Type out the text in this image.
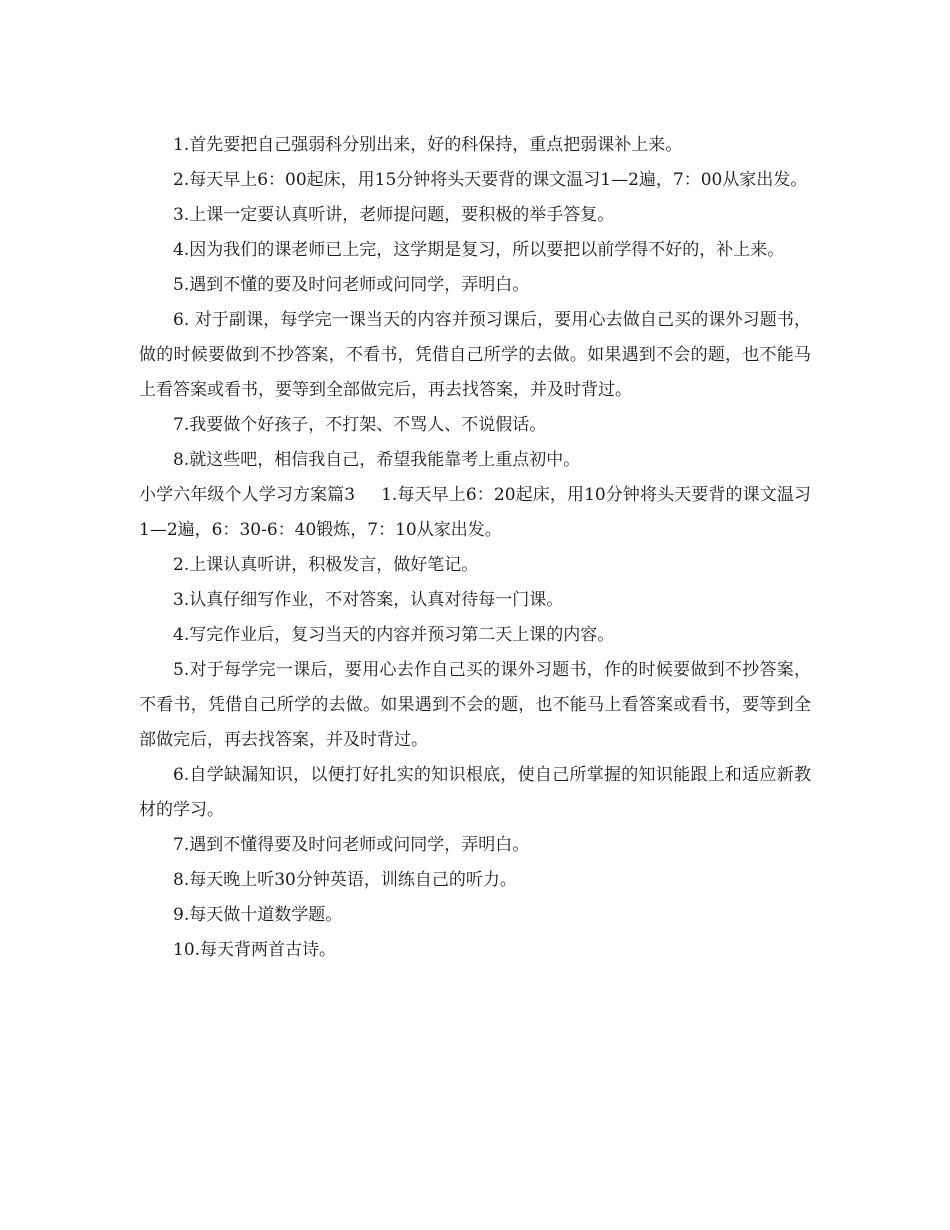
1.首先要把自己强弱科分别出来，好的科保持，重点把弱课补上来。

2.每天早上6：00起床，用15分钟将头天要背的课文温习1—2遍，7：00从家出发。

3.上课一定要认真听讲，老师提问题，要积极的举手答复。

4.因为我们的课老师已上完，这学期是复习，所以要把以前学得不好的，补上来。

5.遇到不懂的要及时问老师或问同学，弄明白。

6. 对于副课，每学完一课当天的内容并预习课后，要用心去做自己买的课外习题书，做的时候要做到不抄答案，不看书，凭借自己所学的去做。如果遇到不会的题，也不能马上看答案或看书，要等到全部做完后，再去找答案，并及时背过。

7.我要做个好孩子，不打架、不骂人、不说假话。

8.就这些吧，相信我自己，希望我能靠考上重点初中。

小学六年级个人学习方案篇3 1.每天早上6：20起床，用10分钟将头天要背的课文温习1—2遍，6：30-6：40锻炼，7：10从家出发。

2.上课认真听讲，积极发言，做好笔记。

3.认真仔细写作业，不对答案，认真对待每一门课。

4.写完作业后，复习当天的内容并预习第二天上课的内容。

5.对于每学完一课后，要用心去作自己买的课外习题书，作的时候要做到不抄答案，不看书，凭借自己所学的去做。如果遇到不会的题，也不能马上看答案或看书，要等到全部做完后，再去找答案，并及时背过。

6.自学缺漏知识，以便打好扎实的知识根底，使自己所掌握的知识能跟上和适应新教材的学习。

7.遇到不懂得要及时问老师或问同学，弄明白。

8.每天晚上听30分钟英语，训练自己的听力。

9.每天做十道数学题。

10.每天背两首古诗。
